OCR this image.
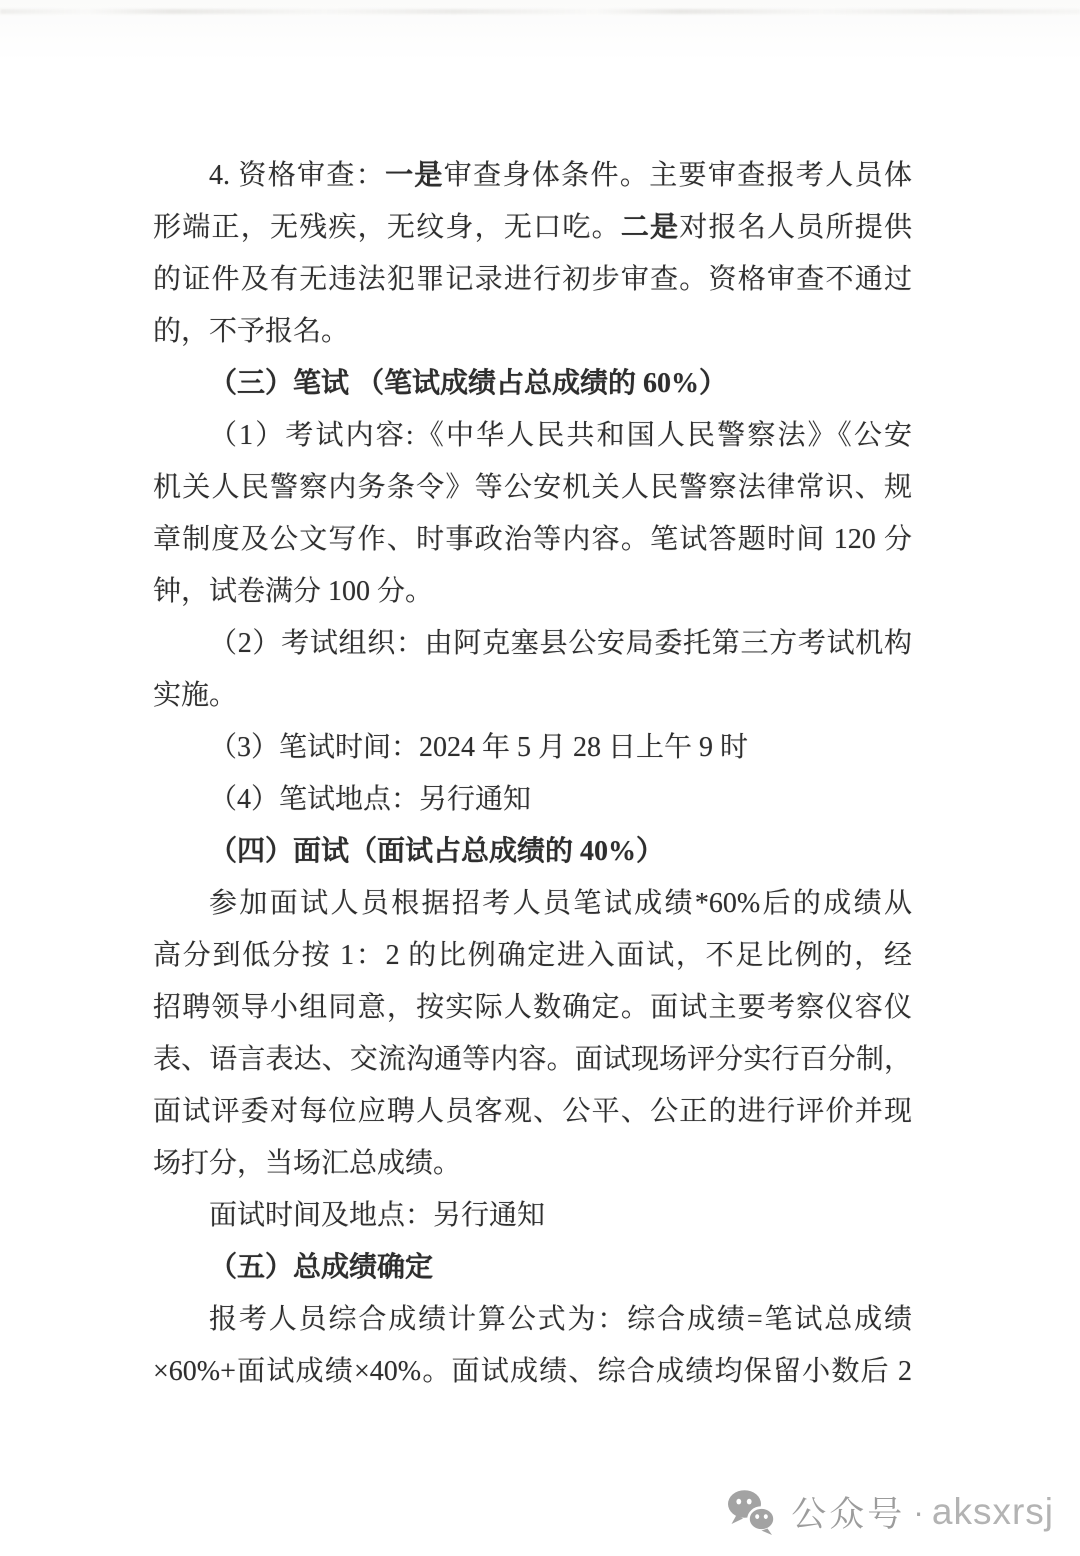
4. 资格审查：一是审查身体条件。主要审查报考人员体
形端正，无残疾，无纹身，无口吃。二是对报名人员所提供
的证件及有无违法犯罪记录进行初步审查。资格审查不通过
的，不予报名。
（三）笔试 （笔试成绩占总成绩的 60%）
（1）考试内容:《中华人民共和国人民警察法》《公安
机关人民警察内务条令》等公安机关人民警察法律常识、规
章制度及公文写作、时事政治等内容。笔试答题时间 120 分
钟，试卷满分 100 分。
（2）考试组织：由阿克塞县公安局委托第三方考试机构
实施。
（3）笔试时间：2024 年 5 月 28 日上午 9 时
（4）笔试地点：另行通知
（四）面试（面试占总成绩的 40%）
参加面试人员根据招考人员笔试成绩*60%后的成绩从
高分到低分按 1：2 的比例确定进入面试，不足比例的，经
招聘领导小组同意，按实际人数确定。面试主要考察仪容仪
表、语言表达、交流沟通等内容。面试现场评分实行百分制，
面试评委对每位应聘人员客观、公平、公正的进行评价并现
场打分，当场汇总成绩。
面试时间及地点：另行通知
（五）总成绩确定
报考人员综合成绩计算公式为：综合成绩=笔试总成绩
×60%+面试成绩×40%。面试成绩、综合成绩均保留小数后 2
公众号 · aksxrsj
